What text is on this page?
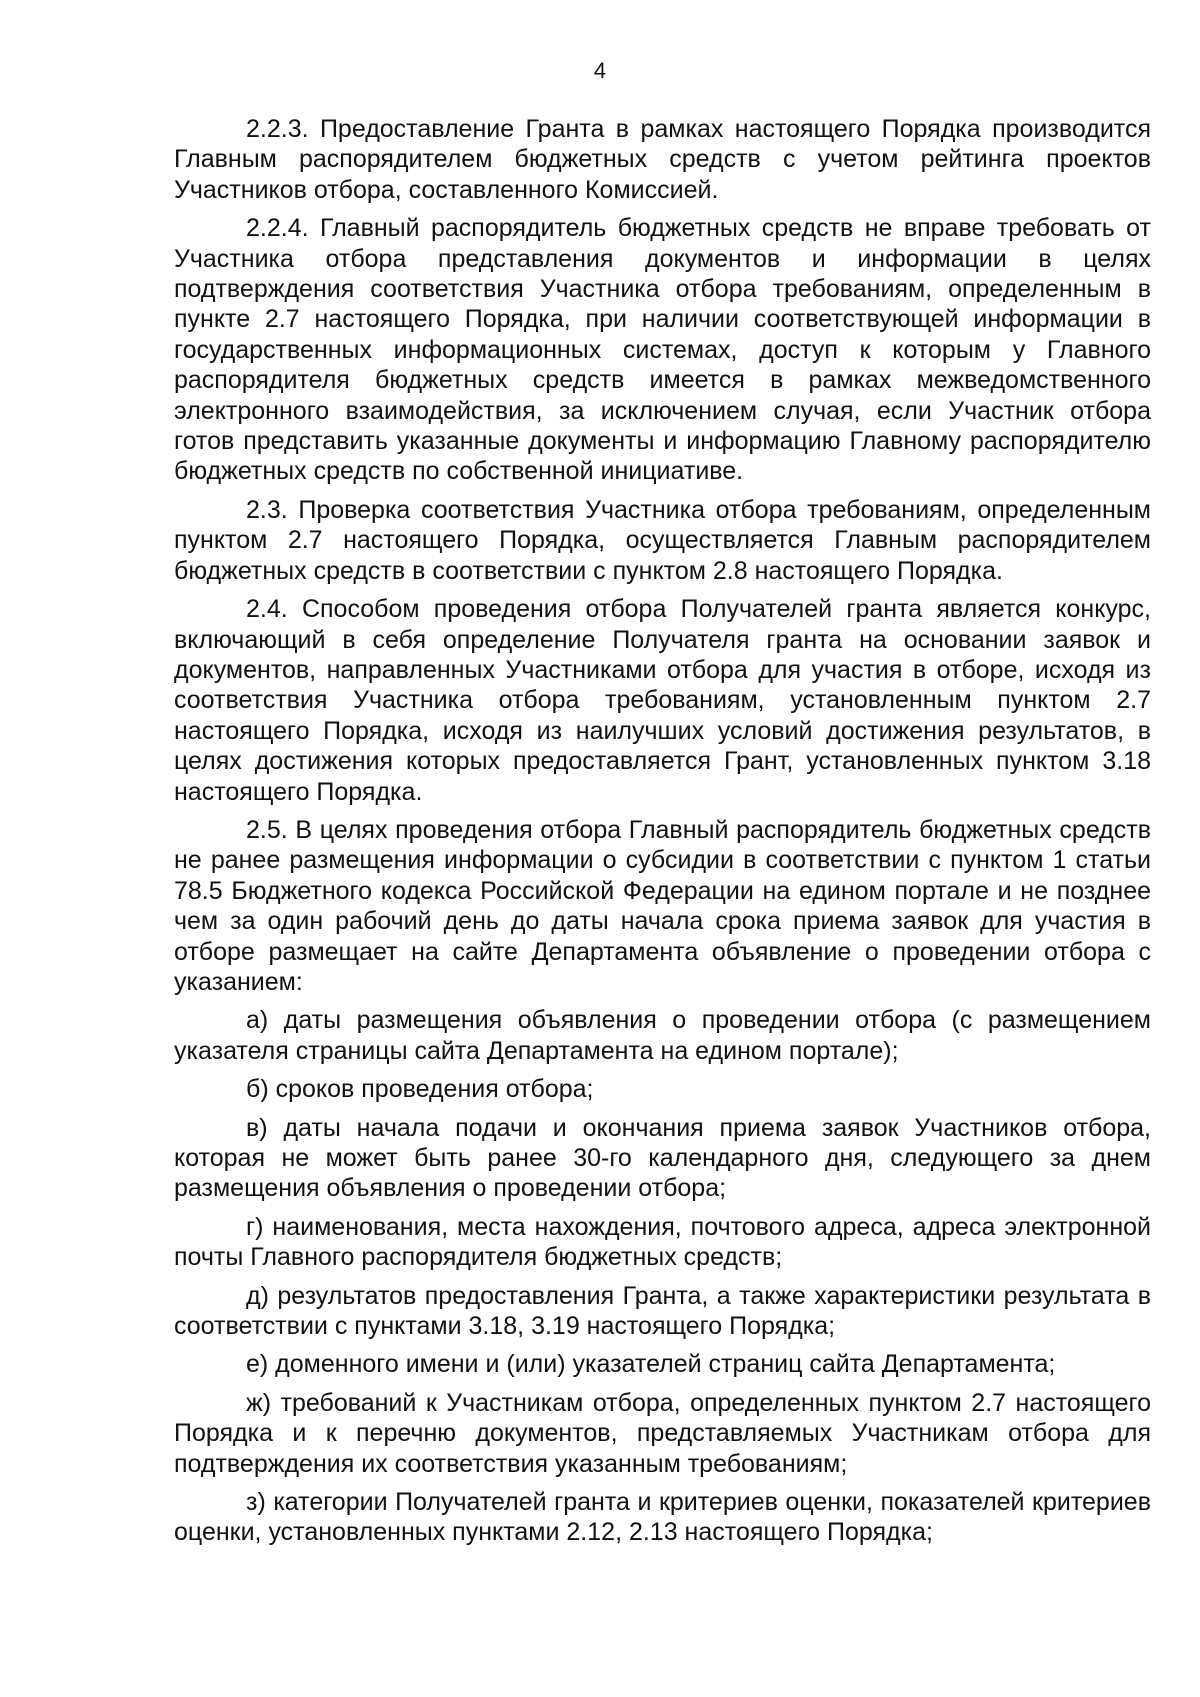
4

2.2.3. Предоставление Гранта в рамках настоящего Порядка производится Главным распорядителем бюджетных средств с учетом рейтинга проектов Участников отбора, составленного Комиссией.

2.2.4. Главный распорядитель бюджетных средств не вправе требовать от Участника отбора представления документов и информации в целях подтверждения соответствия Участника отбора требованиям, определенным в пункте 2.7 настоящего Порядка, при наличии соответствующей информации в государственных информационных системах, доступ к которым у Главного распорядителя бюджетных средств имеется в рамках межведомственного электронного взаимодействия, за исключением случая, если Участник отбора готов представить указанные документы и информацию Главному распорядителю бюджетных средств по собственной инициативе.

2.3. Проверка соответствия Участника отбора требованиям, определенным пунктом 2.7 настоящего Порядка, осуществляется Главным распорядителем бюджетных средств в соответствии с пунктом 2.8 настоящего Порядка.

2.4. Способом проведения отбора Получателей гранта является конкурс, включающий в себя определение Получателя гранта на основании заявок и документов, направленных Участниками отбора для участия в отборе, исходя из соответствия Участника отбора требованиям, установленным пунктом 2.7 настоящего Порядка, исходя из наилучших условий достижения результатов, в целях достижения которых предоставляется Грант, установленных пунктом 3.18 настоящего Порядка.

2.5. В целях проведения отбора Главный распорядитель бюджетных средств не ранее размещения информации о субсидии в соответствии с пунктом 1 статьи 78.5 Бюджетного кодекса Российской Федерации на едином портале и не позднее чем за один рабочий день до даты начала срока приема заявок для участия в отборе размещает на сайте Департамента объявление о проведении отбора с указанием:

а) даты размещения объявления о проведении отбора (с размещением указателя страницы сайта Департамента на едином портале);

б) сроков проведения отбора;

в) даты начала подачи и окончания приема заявок Участников отбора, которая не может быть ранее 30-го календарного дня, следующего за днем размещения объявления о проведении отбора;

г) наименования, места нахождения, почтового адреса, адреса электронной почты Главного распорядителя бюджетных средств;

д) результатов предоставления Гранта, а также характеристики результата в соответствии с пунктами 3.18, 3.19 настоящего Порядка;

е) доменного имени и (или) указателей страниц сайта Департамента;

ж) требований к Участникам отбора, определенных пунктом 2.7 настоящего Порядка и к перечню документов, представляемых Участникам отбора для подтверждения их соответствия указанным требованиям;

з) категории Получателей гранта и критериев оценки, показателей критериев оценки, установленных пунктами 2.12, 2.13 настоящего Порядка;
